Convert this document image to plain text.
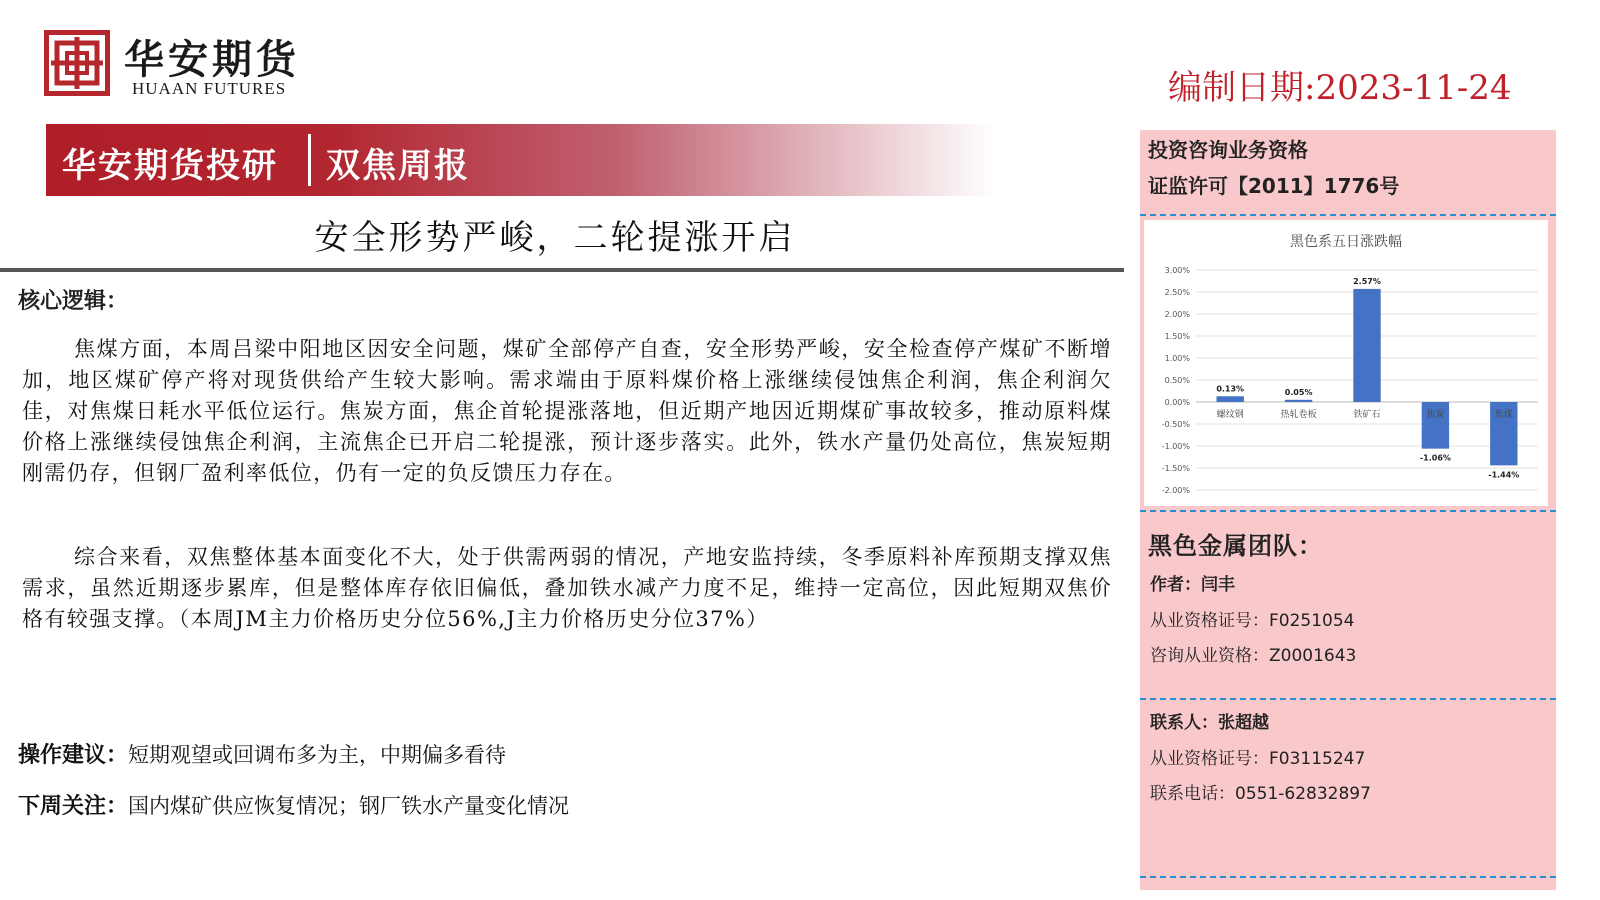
华安期货
HUAAN FUTURES	编制日期:2023-11-24
华安期货投研 双焦周报
安全形势严峻，二轮提涨开启
核心逻辑：

焦煤方面，本周吕梁中阳地区因安全问题，煤矿全部停产自查，安全形势严峻，安全检查停产煤矿不断增加，地区煤矿停产将对现货供给产生较大影响。需求端由于原料煤价格上涨继续侵蚀焦企利润，焦企利润欠佳，对焦煤日耗水平低位运行。焦炭方面，焦企首轮提涨落地，但近期产地因近期煤矿事故较多，推动原料煤价格上涨继续侵蚀焦企利润，主流焦企已开启二轮提涨，预计逐步落实。此外，铁水产量仍处高位，焦炭短期刚需仍存，但钢厂盈利率低位，仍有一定的负反馈压力存在。

综合来看，双焦整体基本面变化不大，处于供需两弱的情况，产地安监持续，冬季原料补库预期支撑双焦需求，虽然近期逐步累库，但是整体库存依旧偏低，叠加铁水减产力度不足，维持一定高位，因此短期双焦价格有较强支撑。（本周JM主力价格历史分位56%,J主力价格历史分位37%）

操作建议：短期观望或回调布多为主，中期偏多看待
下周关注：国内煤矿供应恢复情况；钢厂铁水产量变化情况
投资咨询业务资格
证监许可【2011】1776号
黑色系五日涨跌幅
3.00%
2.50%
2.00%
1.50%
1.00%
0.50%
0.00%
-0.50%
-1.00%
-1.50%
-2.00%
螺纹钢
0.13%
热轧卷板
0.05%
铁矿石
2.57%
焦炭
-1.06%
焦煤
-1.44%
黑色金属团队：
作者：闫丰
从业资格证号：F0251054
咨询从业资格：Z0001643
联系人：张超越
从业资格证号：F03115247
联系电话：0551-62832897
